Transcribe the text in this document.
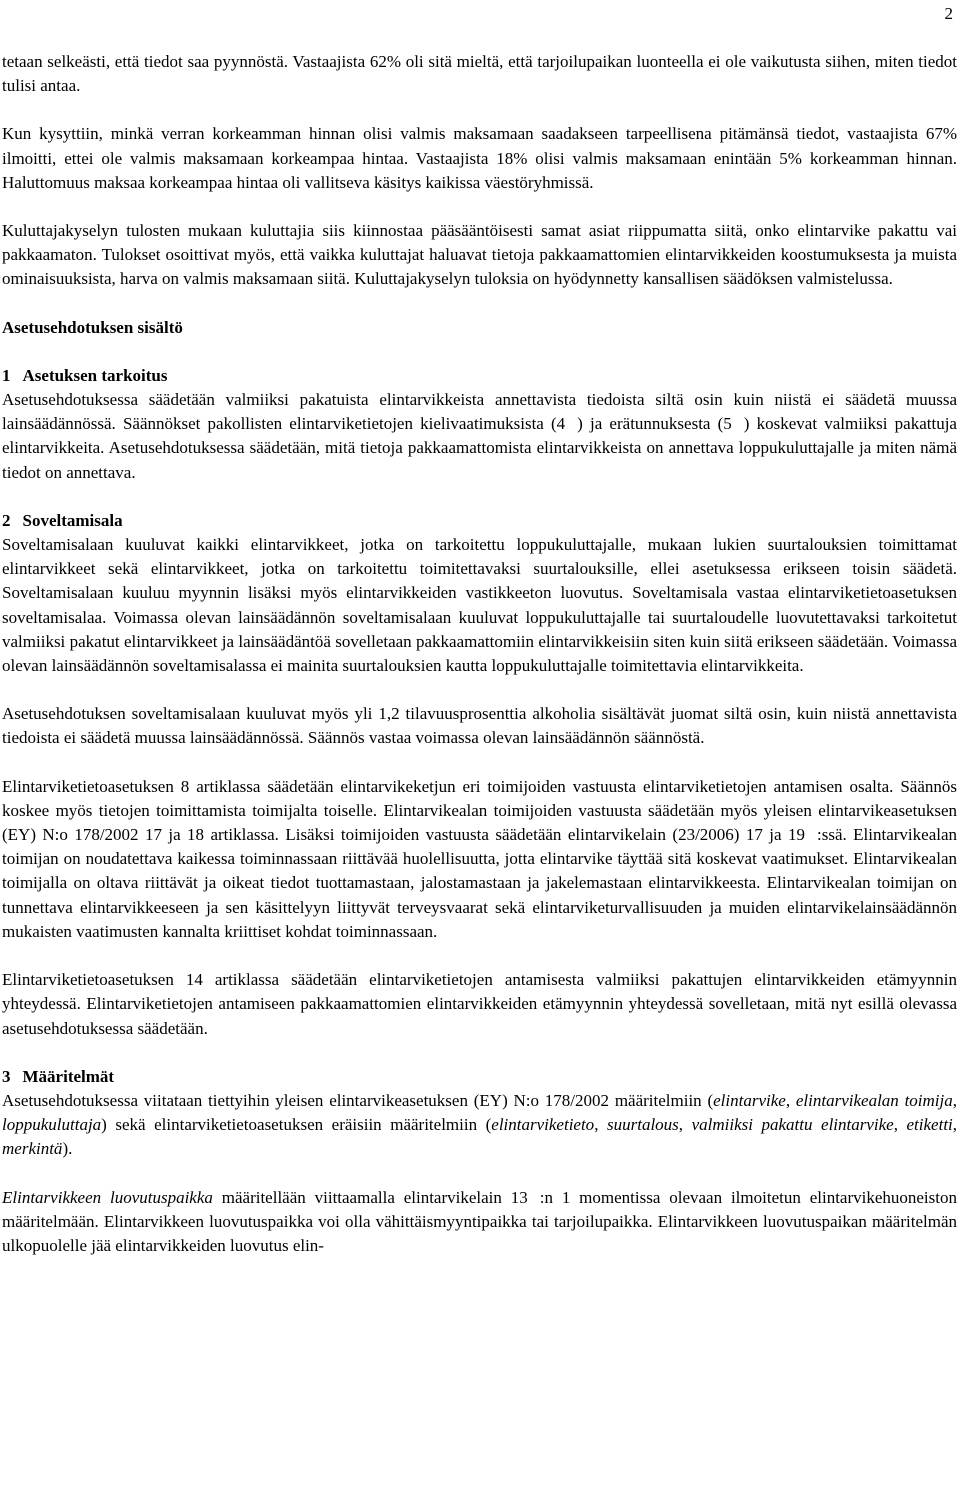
2

tetaan selkeästi, että tiedot saa pyynnöstä. Vastaajista 62% oli sitä mieltä, että tarjoilupaikan luonteella ei ole vaikutusta siihen, miten tiedot tulisi antaa.

Kun kysyttiin, minkä verran korkeamman hinnan olisi valmis maksamaan saadakseen tarpeellisena pitämänsä tiedot, vastaajista 67% ilmoitti, ettei ole valmis maksamaan korkeampaa hintaa. Vastaajista 18% olisi valmis maksamaan enintään 5% korkeamman hinnan. Haluttomuus maksaa korkeampaa hintaa oli vallitseva käsitys kaikissa väestöryhmissä.

Kuluttajakyselyn tulosten mukaan kuluttajia siis kiinnostaa pääsääntöisesti samat asiat riippumatta siitä, onko elintarvike pakattu vai pakkaamaton. Tulokset osoittivat myös, että vaikka kuluttajat haluavat tietoja pakkaamattomien elintarvikkeiden koostumuksesta ja muista ominaisuuksista, harva on valmis maksamaan siitä. Kuluttajakyselyn tuloksia on hyödynnetty kansallisen säädöksen valmistelussa.

Asetusehdotuksen sisältö

1 Asetuksen tarkoitus

Asetusehdotuksessa säädetään valmiiksi pakatuista elintarvikkeista annettavista tiedoista siltä osin kuin niistä ei säädetä muussa lainsäädännössä. Säännökset pakollisten elintarviketietojen kielivaatimuksista (4 ) ja erätunnuksesta (5 ) koskevat valmiiksi pakattuja elintarvikkeita. Asetusehdotuksessa säädetään, mitä tietoja pakkaamattomista elintarvikkeista on annettava loppukuluttajalle ja miten nämä tiedot on annettava.

2 Soveltamisala

Soveltamisalaan kuuluvat kaikki elintarvikkeet, jotka on tarkoitettu loppukuluttajalle, mukaan lukien suurtalouksien toimittamat elintarvikkeet sekä elintarvikkeet, jotka on tarkoitettu toimitettavaksi suurtalouksille, ellei asetuksessa erikseen toisin säädetä. Soveltamisalaan kuuluu myynnin lisäksi myös elintarvikkeiden vastikkeeton luovutus. Soveltamisala vastaa elintarviketietoasetuksen soveltamisalaa. Voimassa olevan lainsäädännön soveltamisalaan kuuluvat loppukuluttajalle tai suurtaloudelle luovutettavaksi tarkoitetut valmiiksi pakatut elintarvikkeet ja lainsäädäntöä sovelletaan pakkaamattomiin elintarvikkeisiin siten kuin siitä erikseen säädetään. Voimassa olevan lainsäädännön soveltamisalassa ei mainita suurtalouksien kautta loppukuluttajalle toimitettavia elintarvikkeita.

Asetusehdotuksen soveltamisalaan kuuluvat myös yli 1,2 tilavuusprosenttia alkoholia sisältävät juomat siltä osin, kuin niistä annettavista tiedoista ei säädetä muussa lainsäädännössä. Säännös vastaa voimassa olevan lainsäädännön säännöstä.

Elintarviketietoasetuksen 8 artiklassa säädetään elintarvikeketjun eri toimijoiden vastuusta elintarviketietojen antamisen osalta. Säännös koskee myös tietojen toimittamista toimijalta toiselle. Elintarvikealan toimijoiden vastuusta säädetään myös yleisen elintarvikeasetuksen (EY) N:o 178/2002 17 ja 18 artiklassa. Lisäksi toimijoiden vastuusta säädetään elintarvikelain (23/2006) 17 ja 19 :ssä. Elintarvikealan toimijan on noudatettava kaikessa toiminnassaan riittävää huolellisuutta, jotta elintarvike täyttää sitä koskevat vaatimukset. Elintarvikealan toimijalla on oltava riittävät ja oikeat tiedot tuottamastaan, jalostamastaan ja jakelemastaan elintarvikkeesta. Elintarvikealan toimijan on tunnettava elintarvikkeeseen ja sen käsittelyyn liittyvät terveysvaarat sekä elintarviketurvallisuuden ja muiden elintarvikelainsäädännön mukaisten vaatimusten kannalta kriittiset kohdat toiminnassaan.

Elintarviketietoasetuksen 14 artiklassa säädetään elintarviketietojen antamisesta valmiiksi pakattujen elintarvikkeiden etämyynnin yhteydessä. Elintarviketietojen antamiseen pakkaamattomien elintarvikkeiden etämyynnin yhteydessä sovelletaan, mitä nyt esillä olevassa asetusehdotuksessa säädetään.

3 Määritelmät

Asetusehdotuksessa viitataan tiettyihin yleisen elintarvikeasetuksen (EY) N:o 178/2002 määritelmiin (elintarvike, elintarvikealan toimija, loppukuluttaja) sekä elintarviketietoasetuksen eräisiin määritelmiin (elintarviketieto, suurtalous, valmiiksi pakattu elintarvike, etiketti, merkintä).

Elintarvikkeen luovutuspaikka määritellään viittaamalla elintarvikelain 13 :n 1 momentissa olevaan ilmoitetun elintarvikehuoneiston määritelmään. Elintarvikkeen luovutuspaikka voi olla vähittäismyyntipaikka tai tarjoilupaikka. Elintarvikkeen luovutuspaikan määritelmän ulkopuolelle jää elintarvikkeiden luovutus elin-
